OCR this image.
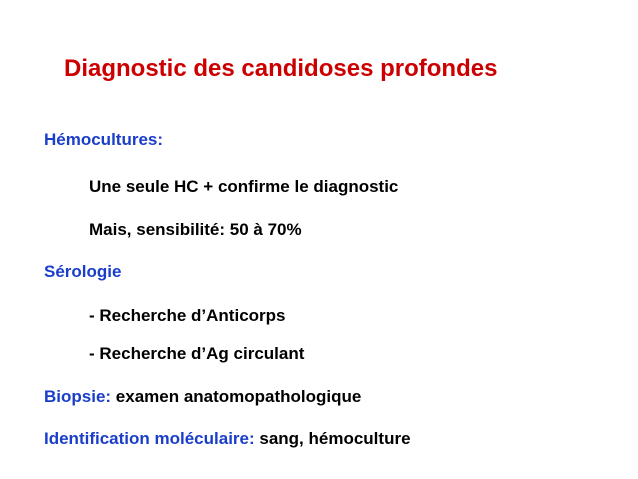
Diagnostic des candidoses profondes
Hémocultures:
Une seule HC + confirme le diagnostic
Mais, sensibilité: 50 à 70%
Sérologie
- Recherche d’Anticorps
- Recherche d’Ag circulant
Biopsie: examen anatomopathologique
Identification moléculaire: sang, hémoculture
